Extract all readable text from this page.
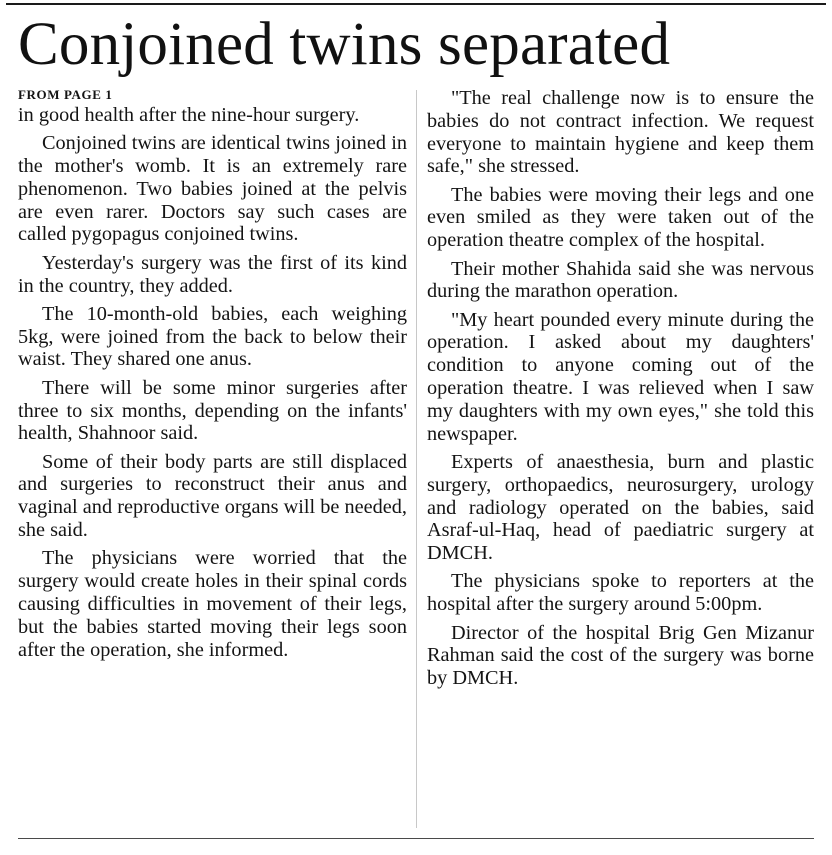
Conjoined twins separated
FROM PAGE 1

in good health after the nine-hour surgery.

Conjoined twins are identical twins joined in the mother's womb. It is an extremely rare phenomenon. Two babies joined at the pelvis are even rarer. Doctors say such cases are called pygopagus conjoined twins.

Yesterday's surgery was the first of its kind in the country, they added.

The 10-month-old babies, each weighing 5kg, were joined from the back to below their waist. They shared one anus.

There will be some minor surgeries after three to six months, depending on the infants' health, Shahnoor said.

Some of their body parts are still displaced and surgeries to reconstruct their anus and vaginal and reproductive organs will be needed, she said.

The physicians were worried that the surgery would create holes in their spinal cords causing difficulties in movement of their legs, but the babies started moving their legs soon after the operation, she informed.

"The real challenge now is to ensure the babies do not contract infection. We request everyone to maintain hygiene and keep them safe," she stressed.

The babies were moving their legs and one even smiled as they were taken out of the operation theatre complex of the hospital.

Their mother Shahida said she was nervous during the marathon operation.

"My heart pounded every minute during the operation. I asked about my daughters' condition to anyone coming out of the operation theatre. I was relieved when I saw my daughters with my own eyes," she told this newspaper.

Experts of anaesthesia, burn and plastic surgery, orthopaedics, neurosurgery, urology and radiology operated on the babies, said Asraf-ul-Haq, head of paediatric surgery at DMCH.

The physicians spoke to reporters at the hospital after the surgery around 5:00pm.

Director of the hospital Brig Gen Mizanur Rahman said the cost of the surgery was borne by DMCH.
